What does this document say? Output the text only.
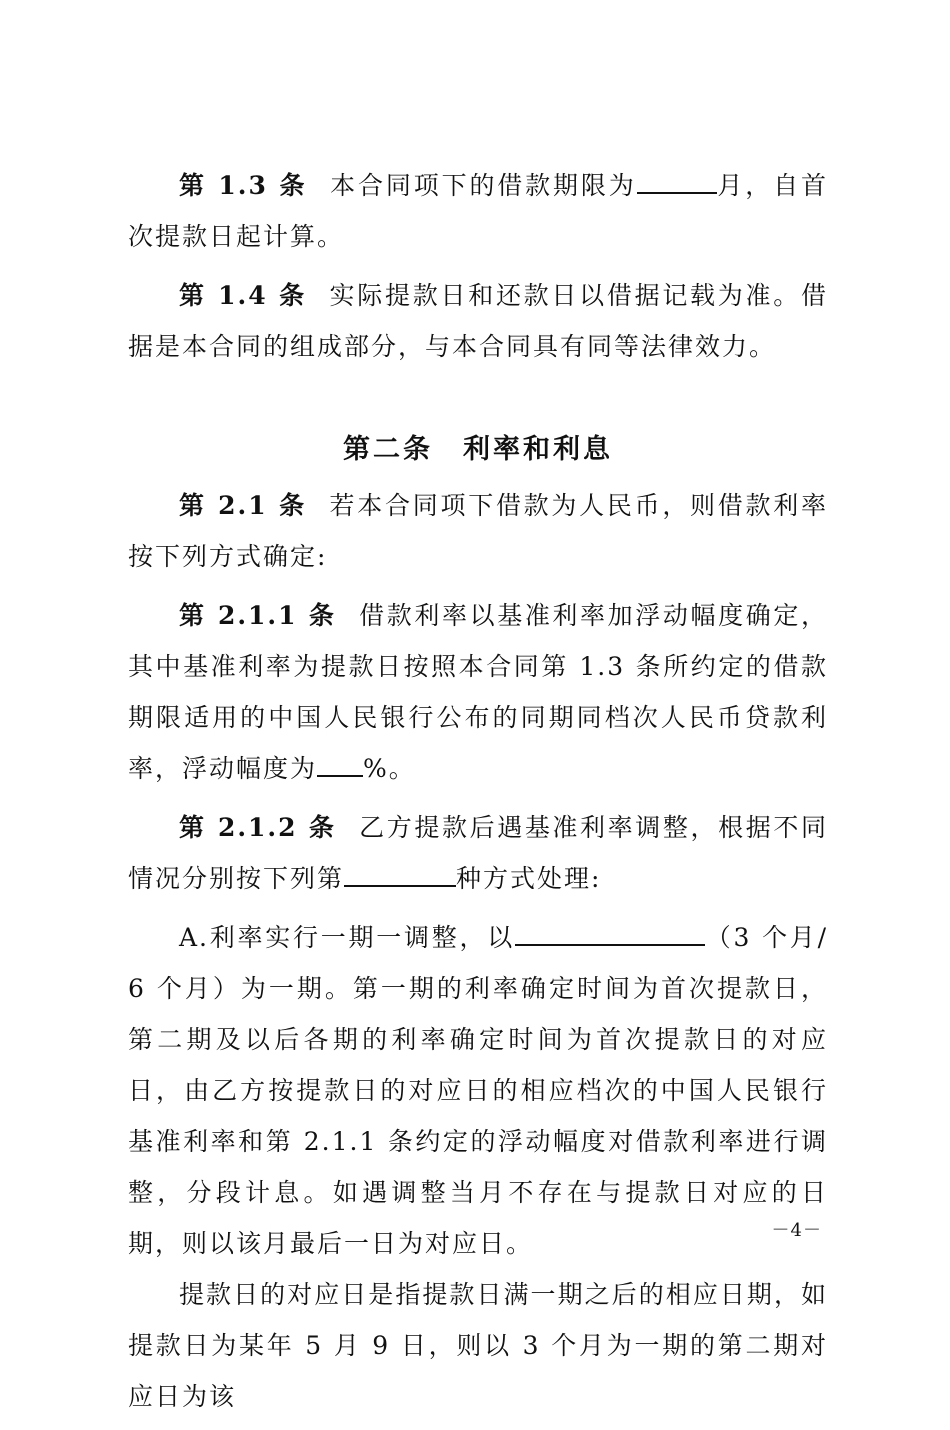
第 1.3 条 本合同项下的借款期限为	月，自首次提款日起计算。

第 1.4 条 实际提款日和还款日以借据记载为准。借据是本合同的组成部分，与本合同具有同等法律效力。

第二条　利率和利息

第 2.1 条 若本合同项下借款为人民币，则借款利率按下列方式确定:

第 2.1.1 条 借款利率以基准利率加浮动幅度确定，其中基准利率为提款日按照本合同第 1.3 条所约定的借款期限适用的中国人民银行公布的同期同档次人民币贷款利率，浮动幅度为 %。

第 2.1.2 条 乙方提款后遇基准利率调整，根据不同情况分别按下列第	种方式处理:

A.利率实行一期一调整，以	（3 个月/6 个月）为一期。第一期的利率确定时间为首次提款日，第二期及以后各期的利率确定时间为首次提款日的对应日，由乙方按提款日的对应日的相应档次的中国人民银行基准利率和第 2.1.1 条约定的浮动幅度对借款利率进行调整，分段计息。如遇调整当月不存在与提款日对应的日期，则以该月最后一日为对应日。

提款日的对应日是指提款日满一期之后的相应日期，如提款日为某年 5 月 9 日，则以 3 个月为一期的第二期对应日为该

－4－
